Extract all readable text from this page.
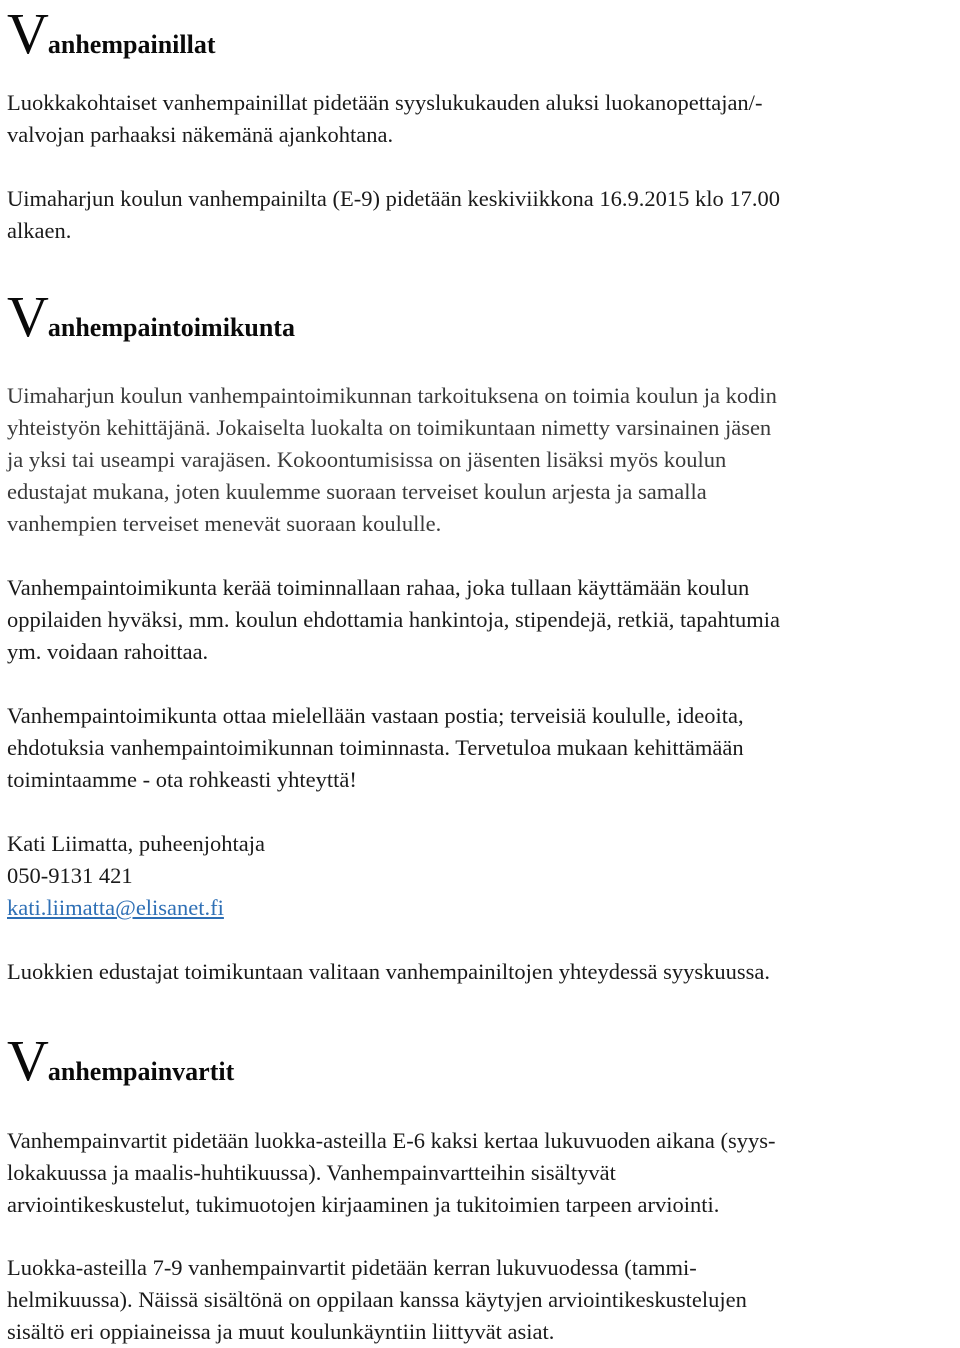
Vanhempainillat

Luokkakohtaiset vanhempainillat pidetään syyslukukauden aluksi luokanopettajan/-
valvojan parhaaksi näkemänä ajankohtana.

Uimaharjun koulun vanhempainilta (E-9) pidetään keskiviikkona 16.9.2015 klo 17.00
alkaen.

Vanhempaintoimikunta

Uimaharjun koulun vanhempaintoimikunnan tarkoituksena on toimia koulun ja kodin
yhteistyön kehittäjänä. Jokaiselta luokalta on toimikuntaan nimetty varsinainen jäsen
ja yksi tai useampi varajäsen. Kokoontumisissa on jäsenten lisäksi myös koulun
edustajat mukana, joten kuulemme suoraan terveiset koulun arjesta ja samalla
vanhempien terveiset menevät suoraan koululle.

Vanhempaintoimikunta kerää toiminnallaan rahaa, joka tullaan käyttämään koulun
oppilaiden hyväksi, mm. koulun ehdottamia hankintoja, stipendejä, retkiä, tapahtumia
ym. voidaan rahoittaa.

Vanhempaintoimikunta ottaa mielellään vastaan postia; terveisiä koululle, ideoita,
ehdotuksia vanhempaintoimikunnan toiminnasta. Tervetuloa mukaan kehittämään
toimintaamme - ota rohkeasti yhteyttä!

Kati Liimatta, puheenjohtaja
050-9131 421
kati.liimatta@elisanet.fi

Luokkien edustajat toimikuntaan valitaan vanhempainiltojen yhteydessä syyskuussa.

Vanhempainvartit

Vanhempainvartit pidetään luokka-asteilla E-6 kaksi kertaa lukuvuoden aikana (syys-
lokakuussa ja maalis-huhtikuussa). Vanhempainvartteihin sisältyvät
arviointikeskustelut, tukimuotojen kirjaaminen ja tukitoimien tarpeen arviointi.

Luokka-asteilla 7-9 vanhempainvartit pidetään kerran lukuvuodessa (tammi-
helmikuussa). Näissä sisältönä on oppilaan kanssa käytyjen arviointikeskustelujen
sisältö eri oppiaineissa ja muut koulunkäyntiin liittyvät asiat.
